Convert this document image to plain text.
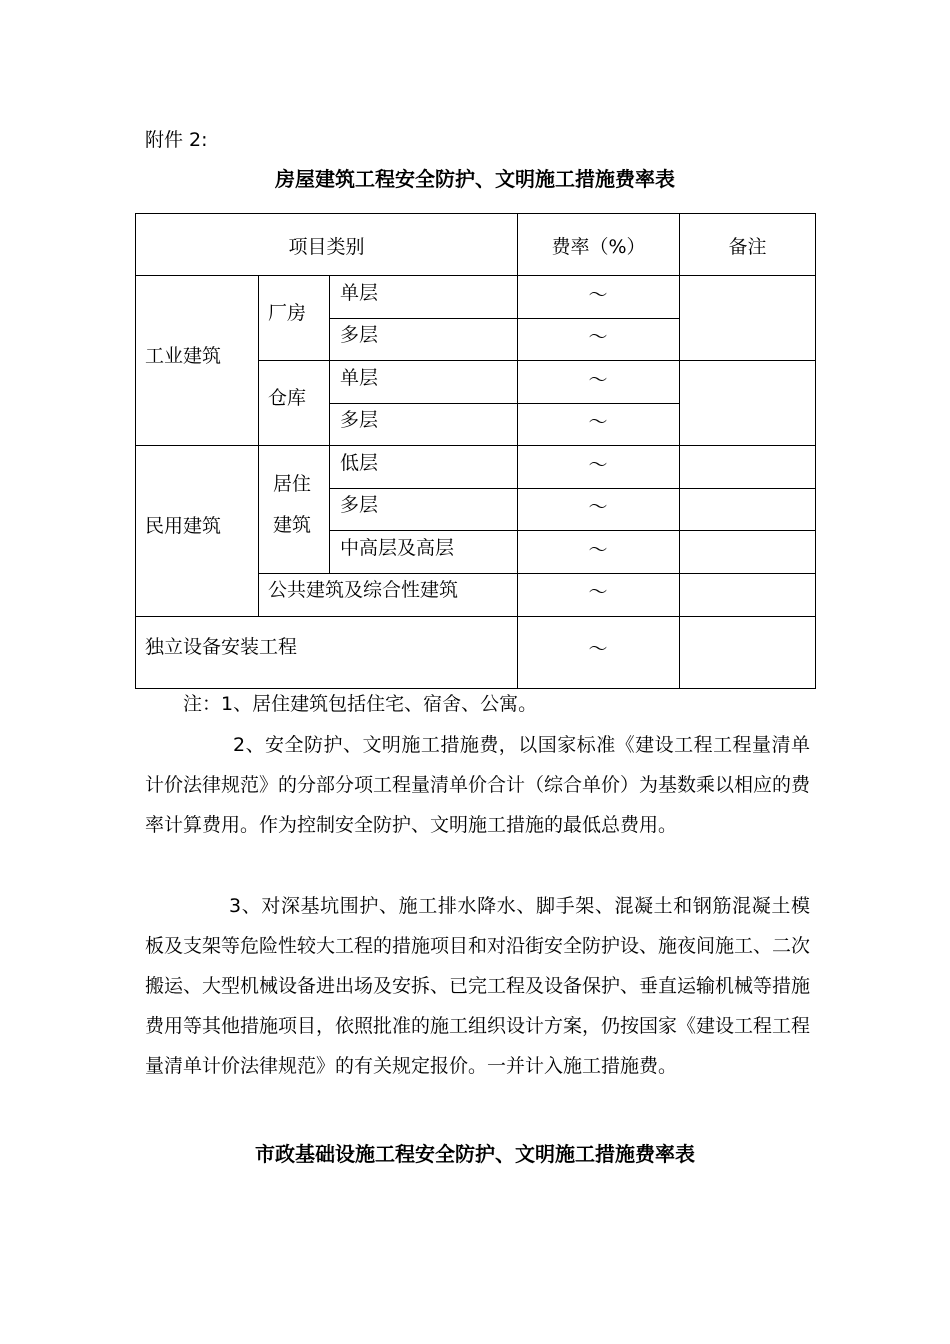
附件 2:
房屋建筑工程安全防护、文明施工措施费率表
项目类别	费率（%）	备注
工业建筑
厂房
单层	～
多层	～
仓库
单层	～
多层	～
民用建筑
居住
建筑
低层	～
多层	～
中高层及高层	～
公共建筑及综合性建筑	～
独立设备安装工程	～
注：1、居住建筑包括住宅、宿舍、公寓。
2、安全防护、文明施工措施费，以国家标准《建设工程工程量清单计价法律规范》的分部分项工程量清单价合计（综合单价）为基数乘以相应的费率计算费用。作为控制安全防护、文明施工措施的最低总费用。
3、对深基坑围护、施工排水降水、脚手架、混凝土和钢筋混凝土模板及支架等危险性较大工程的措施项目和对沿街安全防护设、施夜间施工、二次搬运、大型机械设备进出场及安拆、已完工程及设备保护、垂直运输机械等措施费用等其他措施项目，依照批准的施工组织设计方案，仍按国家《建设工程工程量清单计价法律规范》的有关规定报价。一并计入施工措施费。
市政基础设施工程安全防护、文明施工措施费率表
